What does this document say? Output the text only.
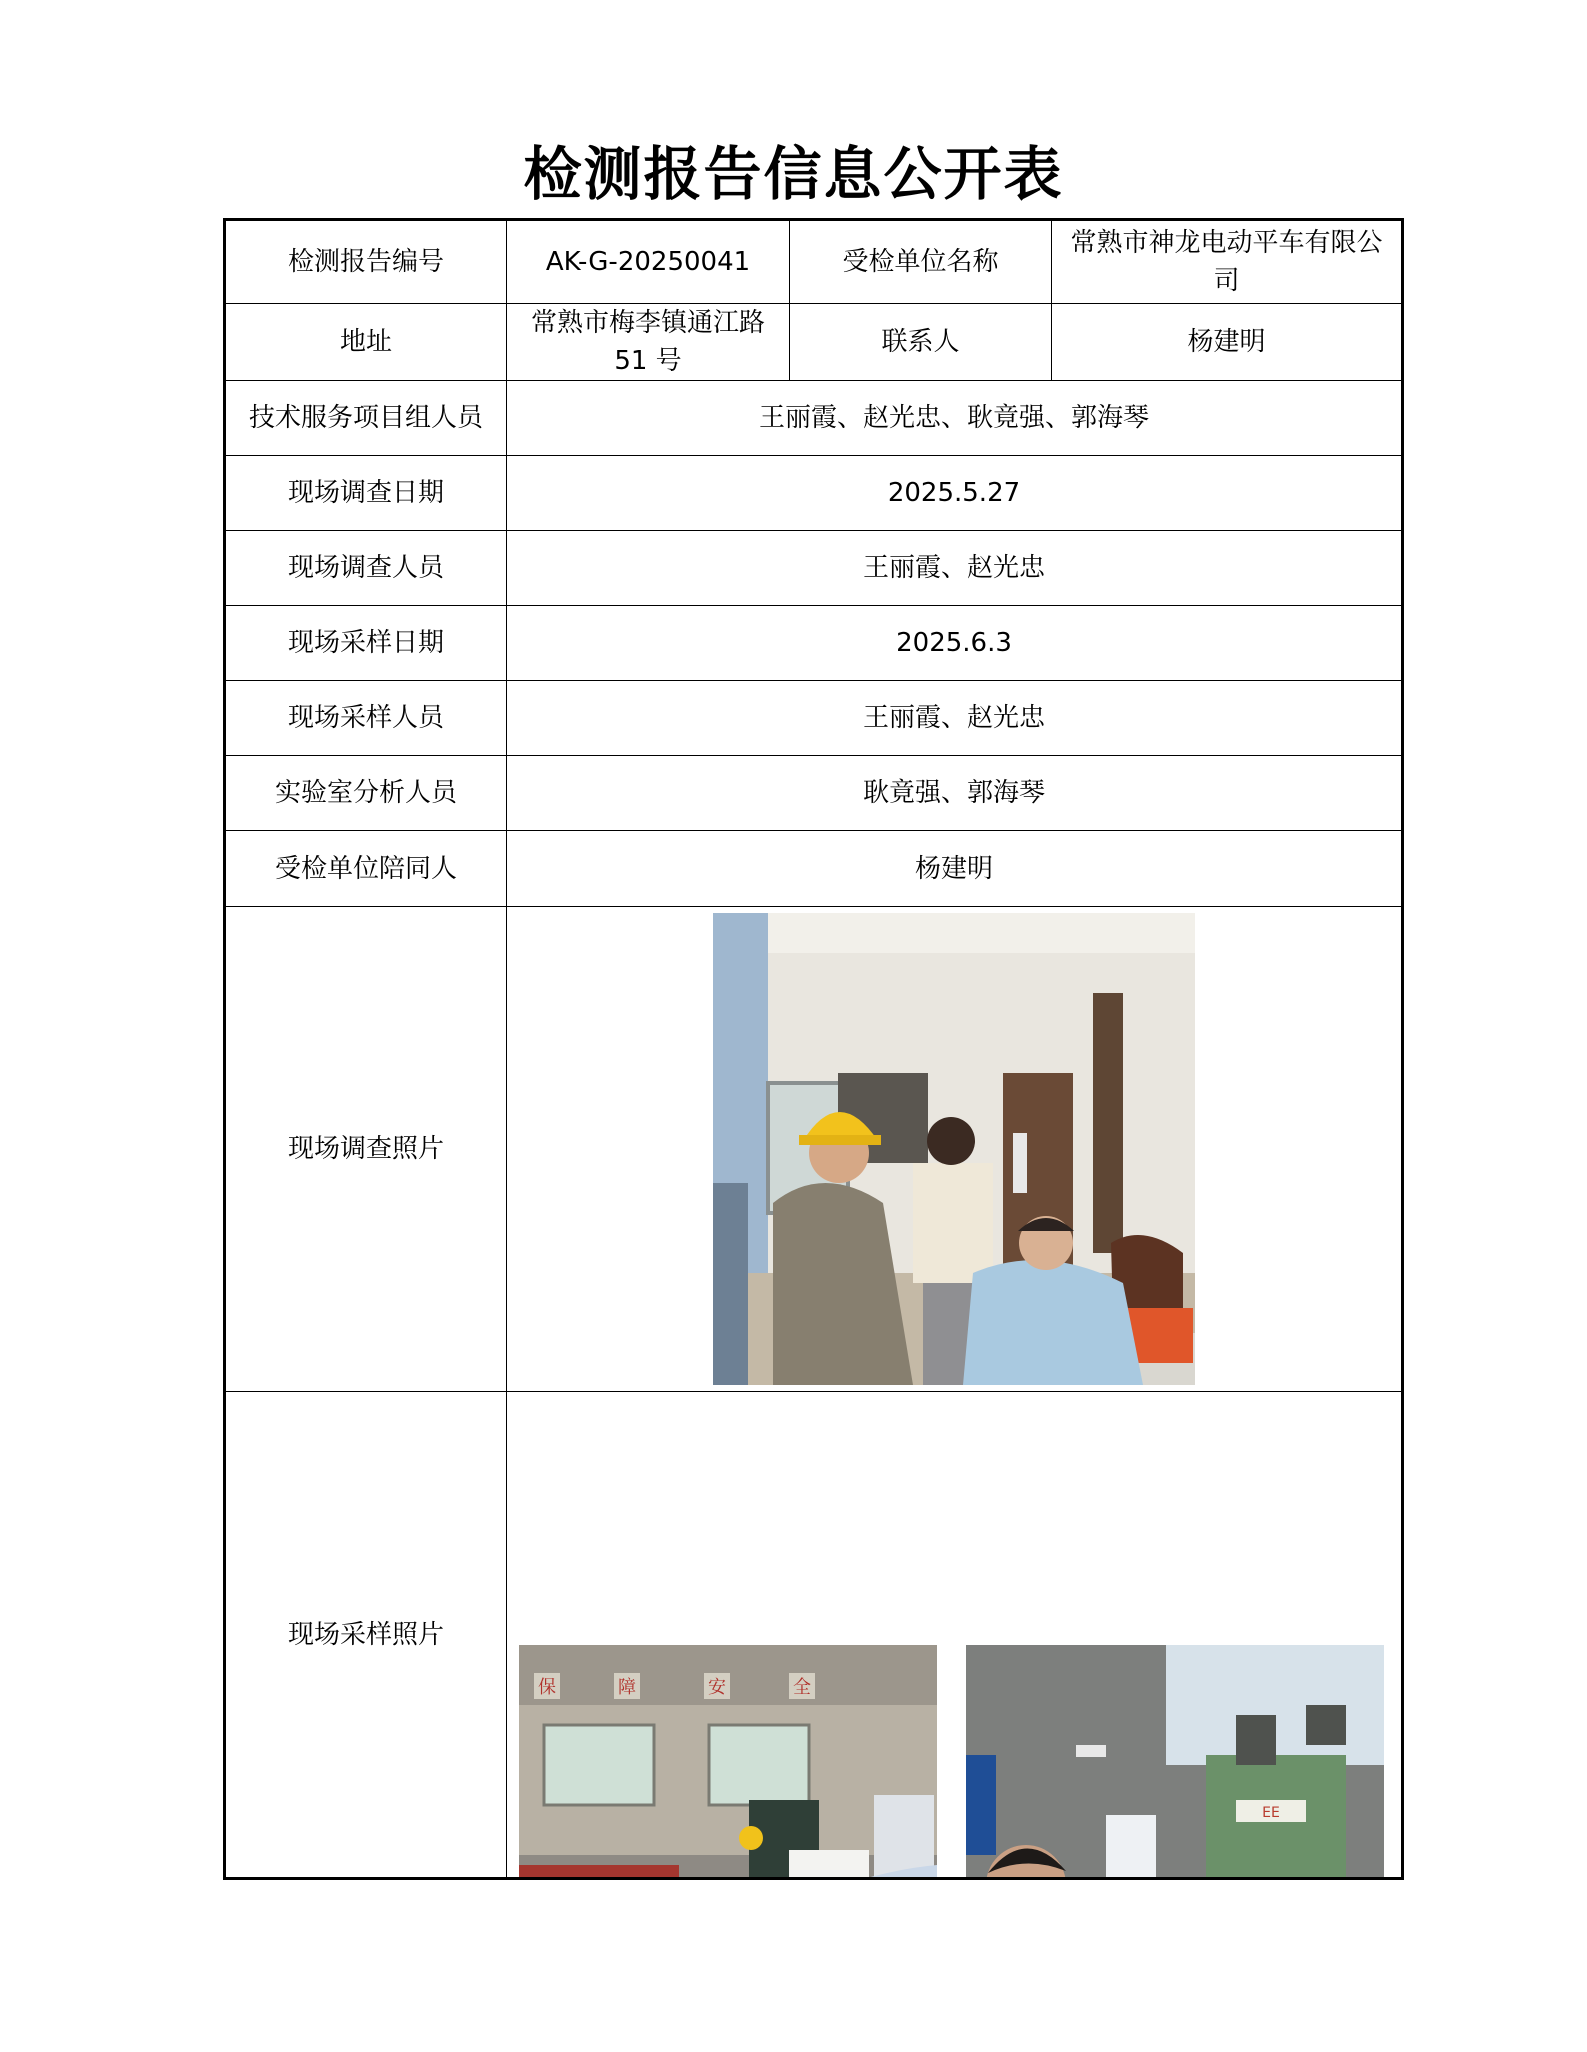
检测报告信息公开表
检测报告编号	AK-G-20250041	受检单位名称	常熟市神龙电动平车有限公司
地址	常熟市梅李镇通江路 51 号	联系人	杨建明
技术服务项目组人员	王丽霞、赵光忠、耿竟强、郭海琴		
现场调查日期	2025.5.27		
现场调查人员	王丽霞、赵光忠		
现场采样日期	2025.6.3		
现场采样人员	王丽霞、赵光忠		
实验室分析人员	耿竟强、郭海琴		
受检单位陪同人	杨建明		
现场调查照片	

现场采样照片	保 障 安 全
EE		
